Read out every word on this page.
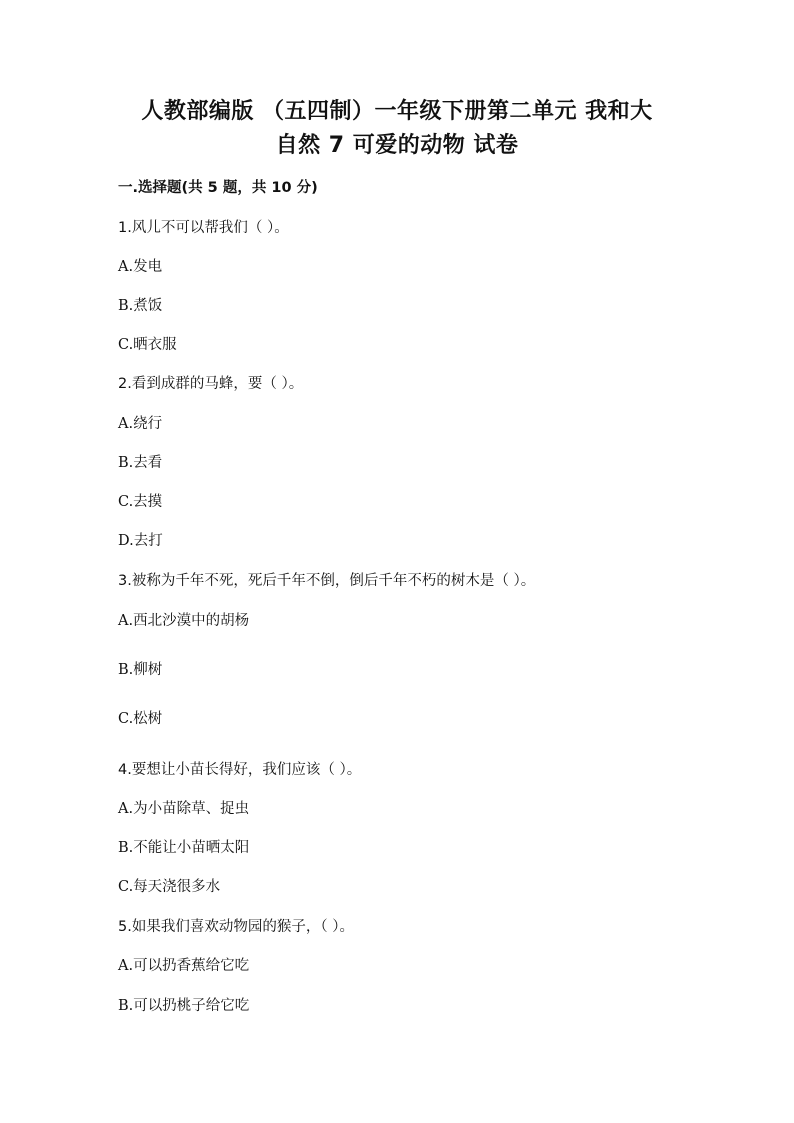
人教部编版 （五四制）一年级下册第二单元 我和大
自然 7 可爱的动物 试卷
一.选择题(共 5 题，共 10 分)
1.风儿不可以帮我们（ ）。
A.发电
B.煮饭
C.晒衣服
2.看到成群的马蜂，要（ ）。
A.绕行
B.去看
C.去摸
D.去打
3.被称为千年不死，死后千年不倒，倒后千年不朽的树木是（ ）。
A.西北沙漠中的胡杨
B.柳树
C.松树
4.要想让小苗长得好，我们应该（ ）。
A.为小苗除草、捉虫
B.不能让小苗晒太阳
C.每天浇很多水
5.如果我们喜欢动物园的猴子，（ ）。
A.可以扔香蕉给它吃
B.可以扔桃子给它吃
